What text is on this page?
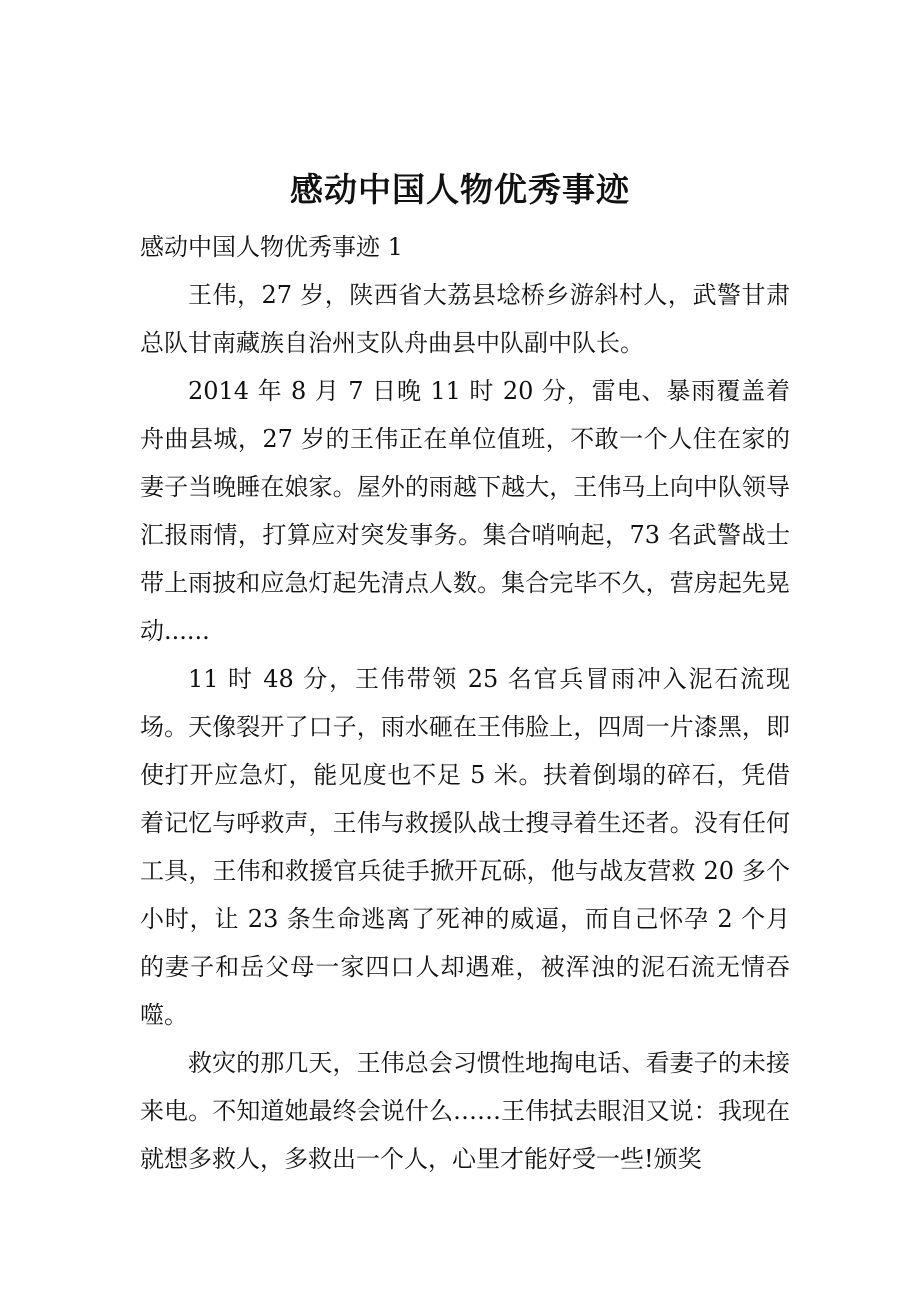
感动中国人物优秀事迹

感动中国人物优秀事迹 1

王伟，27 岁，陕西省大荔县埝桥乡游斜村人，武警甘肃总队甘南藏族自治州支队舟曲县中队副中队长。

2014 年 8 月 7 日晚 11 时 20 分，雷电、暴雨覆盖着舟曲县城，27 岁的王伟正在单位值班，不敢一个人住在家的妻子当晚睡在娘家。屋外的雨越下越大，王伟马上向中队领导汇报雨情，打算应对突发事务。集合哨响起，73 名武警战士带上雨披和应急灯起先清点人数。集合完毕不久，营房起先晃动......

11 时 48 分，王伟带领 25 名官兵冒雨冲入泥石流现场。天像裂开了口子，雨水砸在王伟脸上，四周一片漆黑，即使打开应急灯，能见度也不足 5 米。扶着倒塌的碎石，凭借着记忆与呼救声，王伟与救援队战士搜寻着生还者。没有任何工具，王伟和救援官兵徒手掀开瓦砾，他与战友营救 20 多个小时，让 23 条生命逃离了死神的威逼，而自己怀孕 2 个月的妻子和岳父母一家四口人却遇难，被浑浊的泥石流无情吞噬。

救灾的那几天，王伟总会习惯性地掏电话、看妻子的未接来电。不知道她最终会说什么……王伟拭去眼泪又说：我现在就想多救人，多救出一个人，心里才能好受一些!颁奖
